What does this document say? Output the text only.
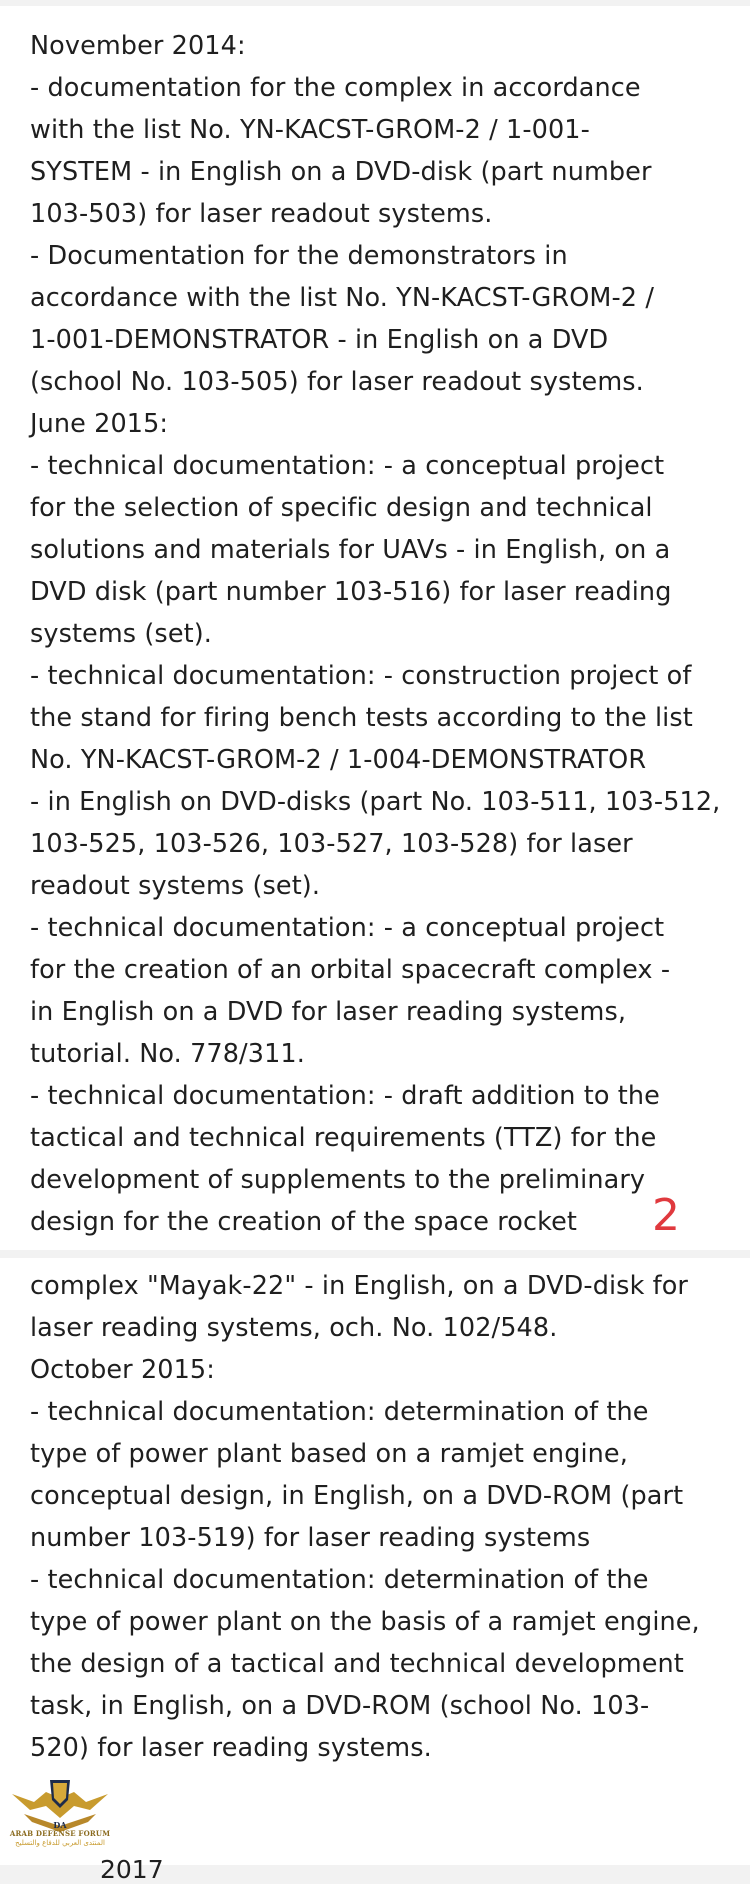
November 2014:
- documentation for the complex in accordance
with the list No. YN-KACST-GROM-2 / 1-001-
SYSTEM - in English on a DVD-disk (part number
103-503) for laser readout systems.
- Documentation for the demonstrators in
accordance with the list No. YN-KACST-GROM-2 /
1-001-DEMONSTRATOR - in English on a DVD
(school No. 103-505) for laser readout systems.
June 2015:
- technical documentation: - a conceptual project
for the selection of specific design and technical
solutions and materials for UAVs - in English, on a
DVD disk (part number 103-516) for laser reading
systems (set).
- technical documentation: - construction project of
the stand for firing bench tests according to the list
No. YN-KACST-GROM-2 / 1-004-DEMONSTRATOR
- in English on DVD-disks (part No. 103-511, 103-512,
103-525, 103-526, 103-527, 103-528) for laser
readout systems (set).
- technical documentation: - a conceptual project
for the creation of an orbital spacecraft complex -
in English on a DVD for laser reading systems,
tutorial. No. 778/311.
- technical documentation: - draft addition to the
tactical and technical requirements (TTZ) for the
development of supplements to the preliminary
design for the creation of the space rocket	2
complex "Mayak-22" - in English, on a DVD-disk for
laser reading systems, och. No. 102/548.
October 2015:
- technical documentation: determination of the
type of power plant based on a ramjet engine,
conceptual design, in English, on a DVD-ROM (part
number 103-519) for laser reading systems
- technical documentation: determination of the
type of power plant on the basis of a ramjet engine,
the design of a tactical and technical development
task, in English, on a DVD-ROM (school No. 103-
520) for laser reading systems.
2017
DA
ARAB DEFENSE FORUM
المنتدى العربي للدفاع والتسليح
